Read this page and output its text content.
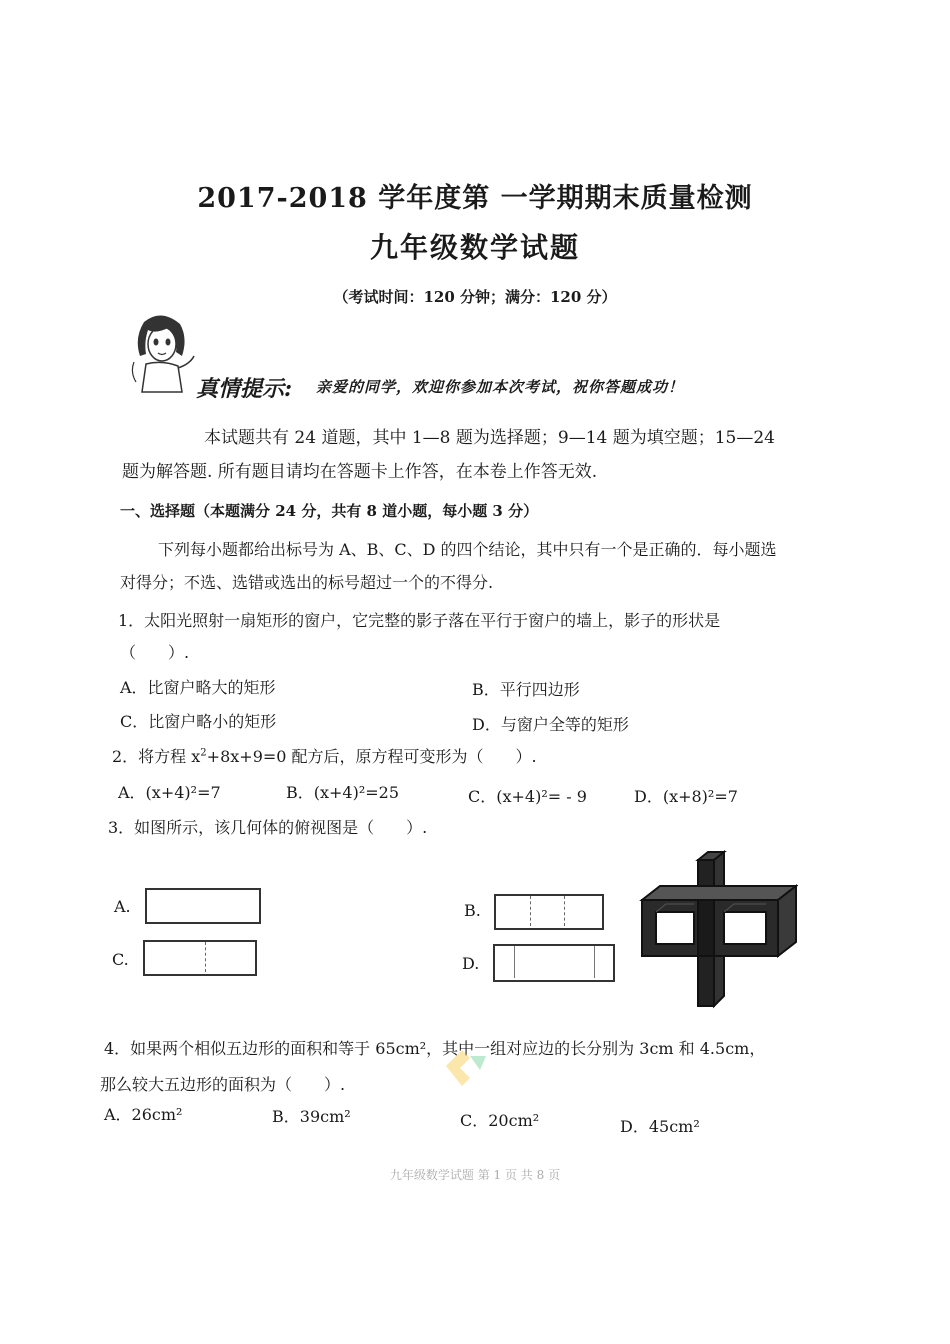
2017-2018 学年度第 一学期期末质量检测
九年级数学试题
（考试时间：120 分钟；满分：120 分）
真情提示: 亲爱的同学，欢迎你参加本次考试，祝你答题成功！
本试题共有 24 道题，其中 1—8 题为选择题；9—14 题为填空题；15—24
题为解答题. 所有题目请均在答题卡上作答，在本卷上作答无效.
一、选择题（本题满分 24 分，共有 8 道小题，每小题 3 分）
下列每小题都给出标号为 A、B、C、D 的四个结论，其中只有一个是正确的．每小题选
对得分；不选、选错或选出的标号超过一个的不得分.
1．太阳光照射一扇矩形的窗户，它完整的影子落在平行于窗户的墙上，影子的形状是
（　　）.
A．比窗户略大的矩形	B．平行四边形
C．比窗户略小的矩形	D．与窗户全等的矩形
2．将方程 $x^2+8x+9=0$ 配方后，原方程可变形为（　　）.
A．(x+4)²=7	B．(x+4)²=25	C．(x+4)²= - 9	D．(x+8)²=7
3．如图所示，该几何体的俯视图是（　　）.
A.
C.
B.
D.
4．如果两个相似五边形的面积和等于 65cm²，其中一组对应边的长分别为 3cm 和 4.5cm，
那么较大五边形的面积为（　　）.
A．26cm²	B．39cm²	C．20cm²	D．45cm²
九年级数学试题 第 1 页 共 8 页
